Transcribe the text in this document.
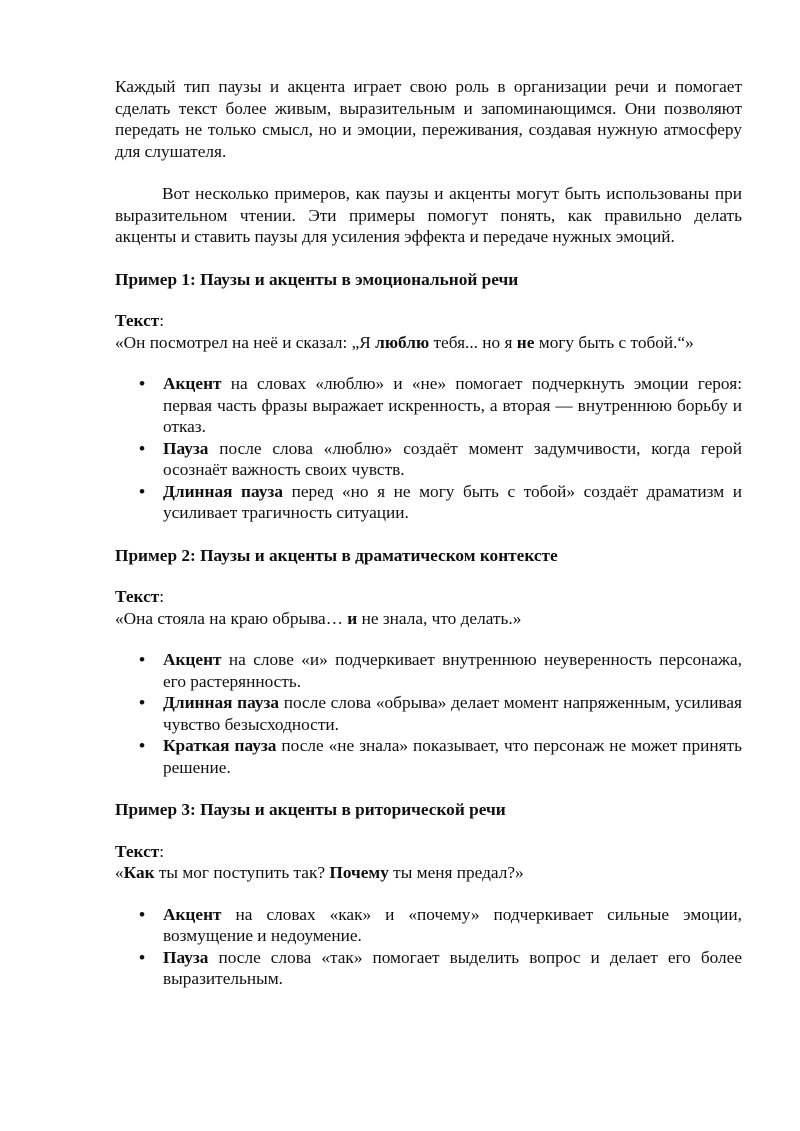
Каждый тип паузы и акцента играет свою роль в организации речи и помогает сделать текст более живым, выразительным и запоминающимся. Они позволяют передать не только смысл, но и эмоции, переживания, создавая нужную атмосферу для слушателя.

Вот несколько примеров, как паузы и акценты могут быть использованы при выразительном чтении. Эти примеры помогут понять, как правильно делать акценты и ставить паузы для усиления эффекта и передаче нужных эмоций.

Пример 1: Паузы и акценты в эмоциональной речи

Текст:

«Он посмотрел на неё и сказал: „Я люблю тебя... но я не могу быть с тобой.“»

• Акцент на словах «люблю» и «не» помогает подчеркнуть эмоции героя: первая часть фразы выражает искренность, а вторая — внутреннюю борьбу и отказ.
• Пауза после слова «люблю» создаёт момент задумчивости, когда герой осознаёт важность своих чувств.
• Длинная пауза перед «но я не могу быть с тобой» создаёт драматизм и усиливает трагичность ситуации.

Пример 2: Паузы и акценты в драматическом контексте

Текст:

«Она стояла на краю обрыва… и не знала, что делать.»

• Акцент на слове «и» подчеркивает внутреннюю неуверенность персонажа, его растерянность.
• Длинная пауза после слова «обрыва» делает момент напряженным, усиливая чувство безысходности.
• Краткая пауза после «не знала» показывает, что персонаж не может принять решение.

Пример 3: Паузы и акценты в риторической речи

Текст:

«Как ты мог поступить так? Почему ты меня предал?»

• Акцент на словах «как» и «почему» подчеркивает сильные эмоции, возмущение и недоумение.
• Пауза после слова «так» помогает выделить вопрос и делает его более выразительным.
